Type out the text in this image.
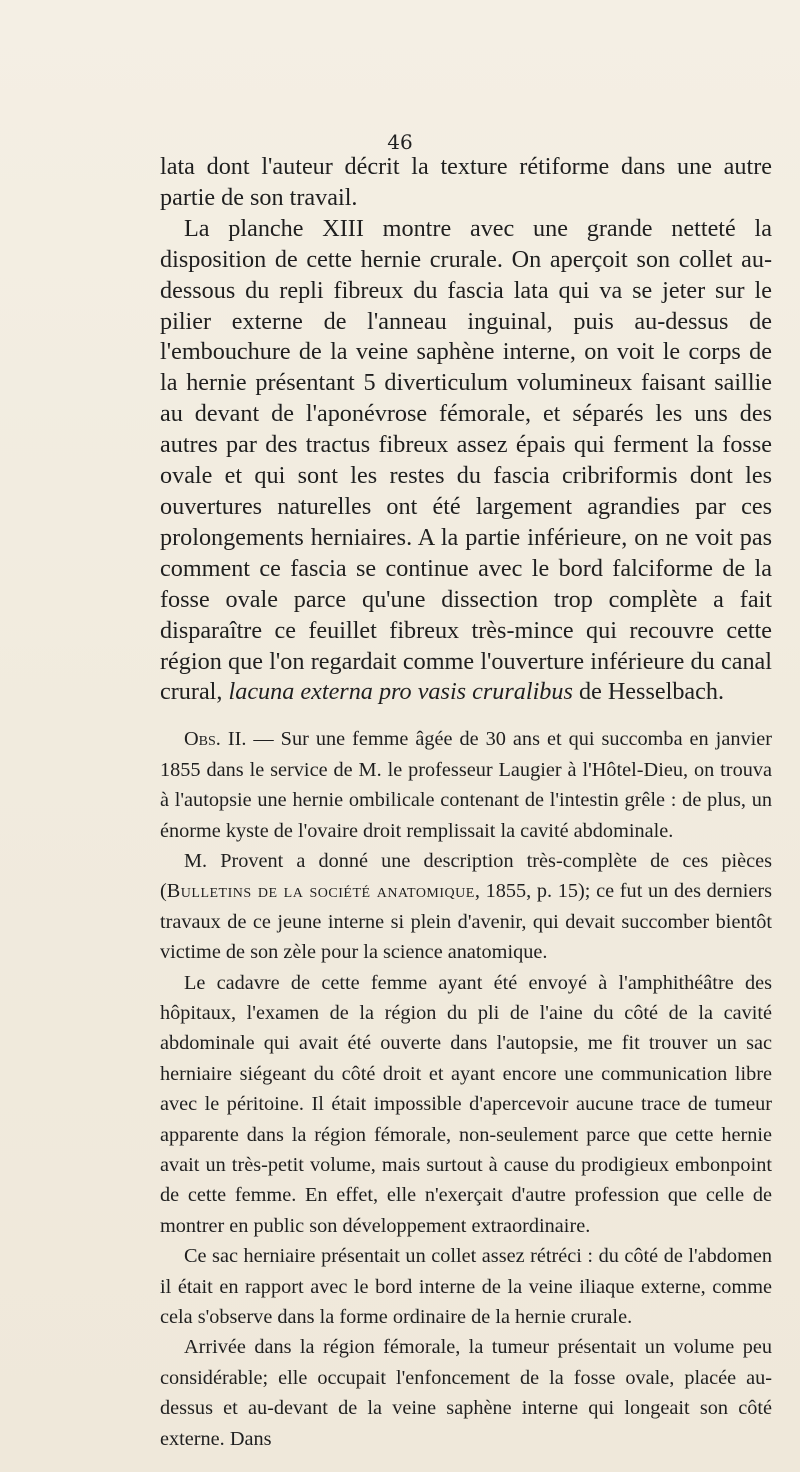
46

lata dont l'auteur décrit la texture rétiforme dans une autre partie de son travail.

La planche XIII montre avec une grande netteté la disposition de cette hernie crurale. On aperçoit son collet au-dessous du repli fibreux du fascia lata qui va se jeter sur le pilier externe de l'anneau inguinal, puis au-dessus de l'embouchure de la veine saphène interne, on voit le corps de la hernie présentant 5 diverticulum volumineux faisant saillie au devant de l'aponévrose fémorale, et séparés les uns des autres par des tractus fibreux assez épais qui ferment la fosse ovale et qui sont les restes du fascia cribriformis dont les ouvertures naturelles ont été largement agrandies par ces prolongements herniaires. A la partie inférieure, on ne voit pas comment ce fascia se continue avec le bord falciforme de la fosse ovale parce qu'une dissection trop complète a fait disparaître ce feuillet fibreux très-mince qui recouvre cette région que l'on regardait comme l'ouverture inférieure du canal crural, lacuna externa pro vasis cruralibus de Hesselbach.

Obs. II. — Sur une femme âgée de 30 ans et qui succomba en janvier 1855 dans le service de M. le professeur Laugier à l'Hôtel-Dieu, on trouva à l'autopsie une hernie ombilicale contenant de l'intestin grêle : de plus, un énorme kyste de l'ovaire droit remplissait la cavité abdominale.

M. Provent a donné une description très-complète de ces pièces (Bulletins de la société anatomique, 1855, p. 15); ce fut un des derniers travaux de ce jeune interne si plein d'avenir, qui devait succomber bientôt victime de son zèle pour la science anatomique.

Le cadavre de cette femme ayant été envoyé à l'amphithéâtre des hôpitaux, l'examen de la région du pli de l'aine du côté de la cavité abdominale qui avait été ouverte dans l'autopsie, me fit trouver un sac herniaire siégeant du côté droit et ayant encore une communication libre avec le péritoine. Il était impossible d'apercevoir aucune trace de tumeur apparente dans la région fémorale, non-seulement parce que cette hernie avait un très-petit volume, mais surtout à cause du prodigieux embonpoint de cette femme. En effet, elle n'exerçait d'autre profession que celle de montrer en public son développement extraordinaire.

Ce sac herniaire présentait un collet assez rétréci : du côté de l'abdomen il était en rapport avec le bord interne de la veine iliaque externe, comme cela s'observe dans la forme ordinaire de la hernie crurale.

Arrivée dans la région fémorale, la tumeur présentait un volume peu considérable; elle occupait l'enfoncement de la fosse ovale, placée au-dessus et au-devant de la veine saphène interne qui longeait son côté externe. Dans
